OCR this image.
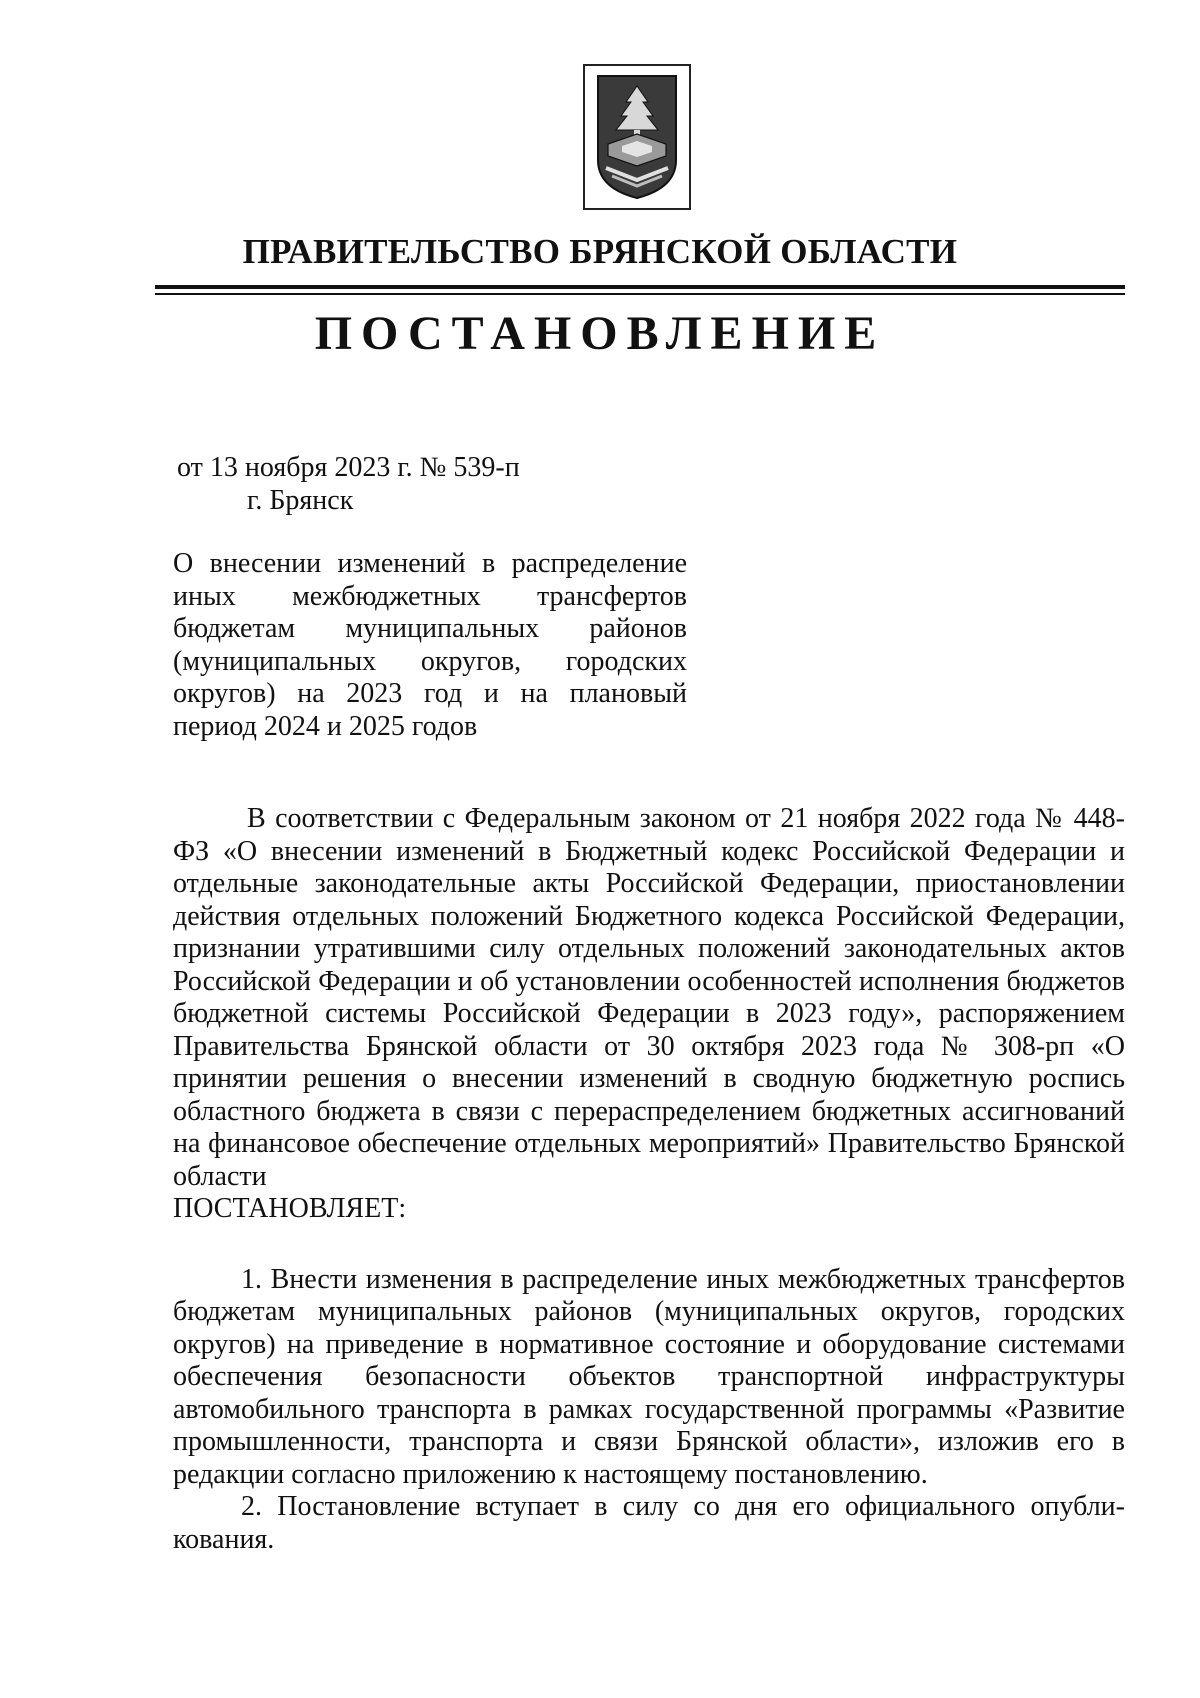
ПРАВИТЕЛЬСТВО БРЯНСКОЙ ОБЛАСТИ
ПОСТАНОВЛЕНИЕ
от 13 ноября 2023 г. № 539-п
г. Брянск
О внесении изменений в распределение иных межбюджетных трансфертов бюджетам муниципальных районов (муниципальных округов, городских округов) на 2023 год и на плановый период 2024 и 2025 годов

В соответствии с Федеральным законом от 21 ноября 2022 года № 448-ФЗ «О внесении изменений в Бюджетный кодекс Российской Федерации и отдельные законодательные акты Российской Федерации, приостановлении действия отдельных положений Бюджетного кодекса Российской Федерации, признании утратившими силу отдельных положений законодательных актов Российской Федерации и об установлении особенностей исполнения бюджетов бюджетной системы Российской Федерации в 2023 году», распоряжением Правительства Брянской области от 30 октября 2023 года № 308-рп «О принятии решения о внесении изменений в сводную бюджетную роспись областного бюджета в связи с перераспределением бюджетных ассигнований на финансовое обеспечение отдельных мероприятий» Правительство Брянской области

ПОСТАНОВЛЯЕТ:

1. Внести изменения в распределение иных межбюджетных трансфертов бюджетам муниципальных районов (муниципальных округов, городских округов) на приведение в нормативное состояние и оборудование системами обеспечения безопасности объектов транспортной инфраструктуры автомобильного транспорта в рамках государственной программы «Развитие промышленности, транспорта и связи Брянской области», изложив его в редакции согласно приложению к настоящему постановлению.

2. Постановление вступает в силу со дня его официального опубликования.
